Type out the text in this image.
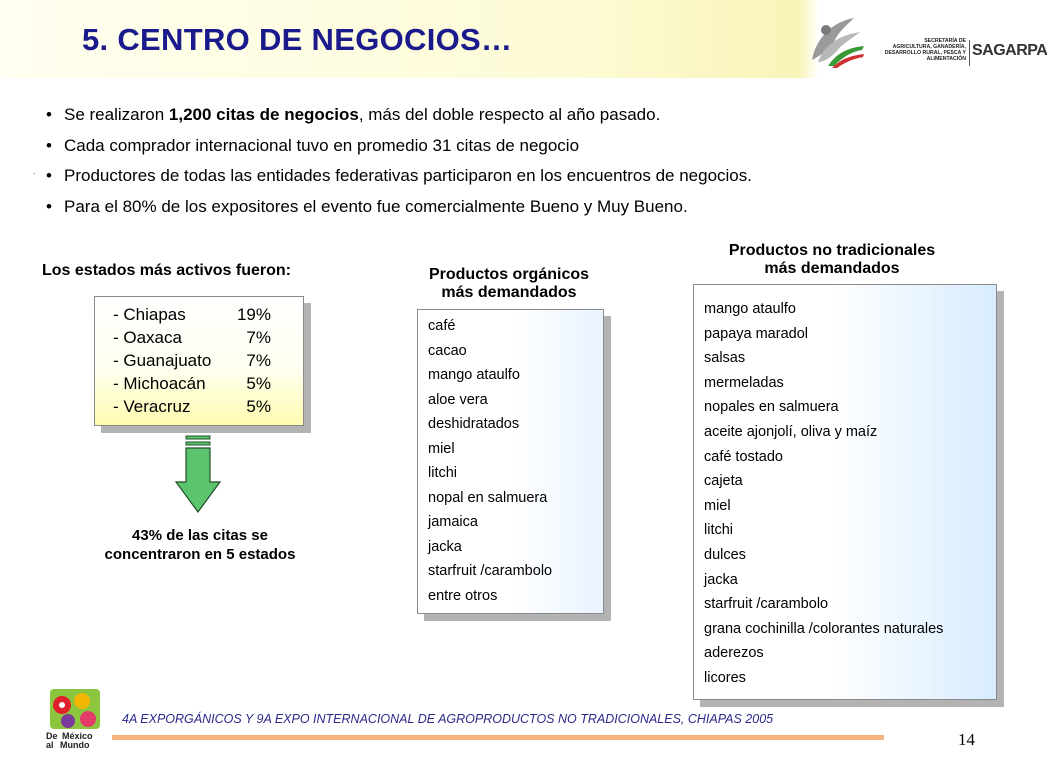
5. CENTRO DE NEGOCIOS…	SECRETARÍA DE
AGRICULTURA, GANADERÍA,
DESARROLLO RURAL, PESCA Y ALIMENTACIÓN SAGARPA
.
• Se realizaron 1,200 citas de negocios, más del doble respecto al año pasado.
• Cada comprador internacional tuvo en promedio 31 citas de negocio
• Productores de todas las entidades federativas participaron en los encuentros de negocios.
• Para el 80% de los expositores el evento fue comercialmente Bueno y Muy Bueno.
Los estados más activos fueron:
- Chiapas	19%
- Oaxaca	7%
- Guanajuato	7%
- Michoacán	5%
- Veracruz	5%
43% de las citas se
concentraron en 5 estados
Productos orgánicos
más demandados
café
cacao
mango ataulfo
aloe vera
deshidratados
miel
litchi
nopal en salmuera
jamaica
jacka
starfruit /carambolo
entre otros
Productos no tradicionales
más demandados
mango ataulfo
papaya maradol
salsas
mermeladas
nopales en salmuera
aceite ajonjolí, oliva y maíz
café tostado
cajeta
miel
litchi
dulces
jacka
starfruit /carambolo
grana cochinilla /colorantes naturales
aderezos
licores
De México
al Mundo
4A EXPORGÁNICOS Y 9A EXPO INTERNACIONAL DE AGROPRODUCTOS NO TRADICIONALES, CHIAPAS 2005
14
